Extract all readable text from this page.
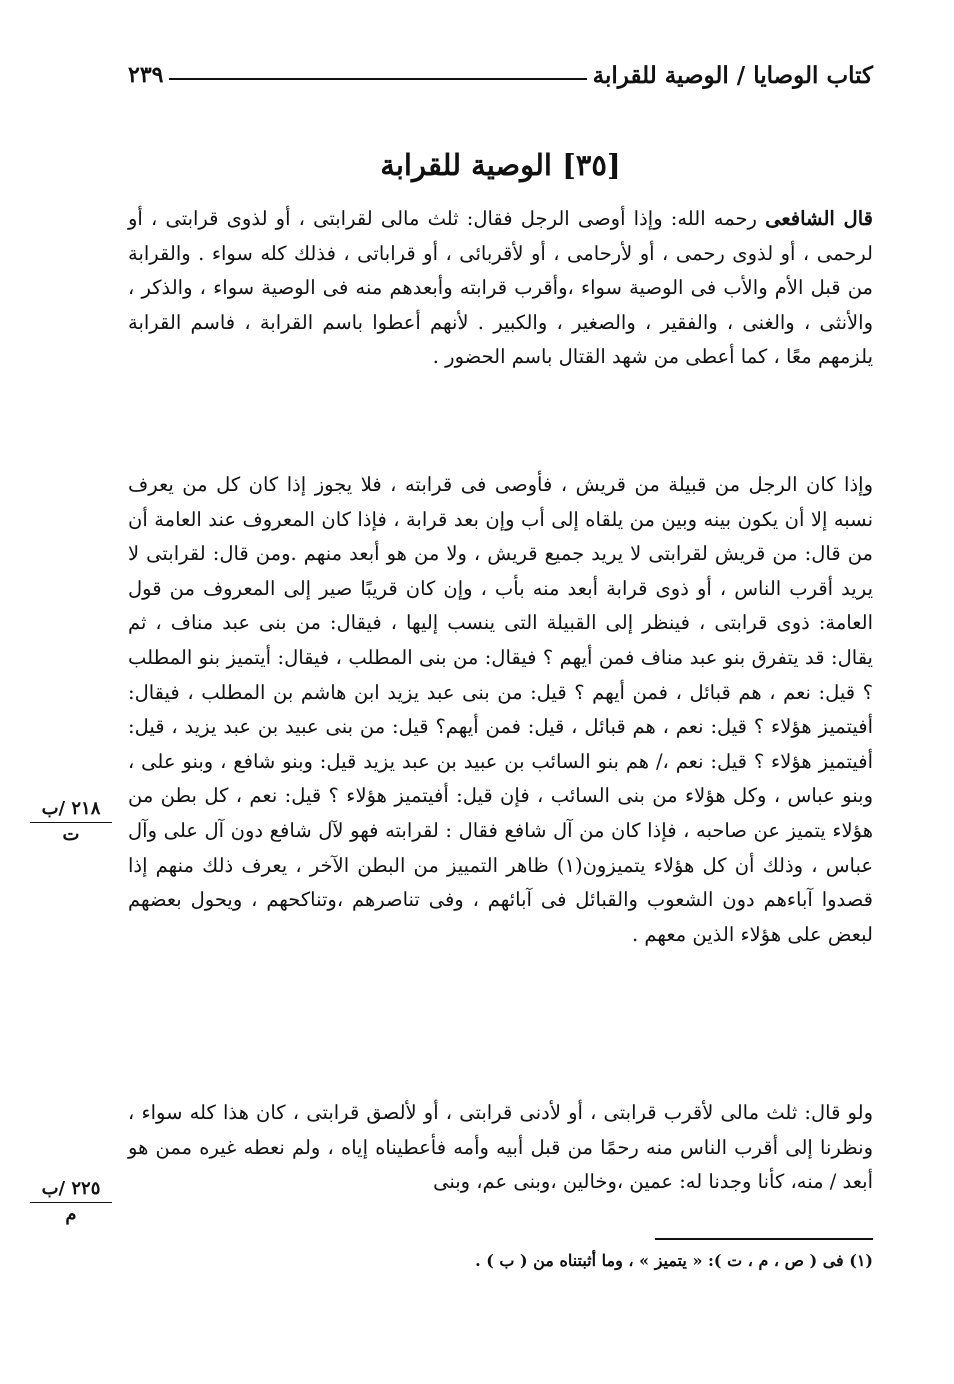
كتاب الوصايا / الوصية للقرابة
٢٣٩
[٣٥] الوصية للقرابة

قال الشافعى رحمه الله: وإذا أوصى الرجل فقال: ثلث مالى لقرابتى ، أو لذوى قرابتى ، أو لرحمى ، أو لذوى رحمى ، أو لأرحامى ، أو لأقربائى ، أو قراباتى ، فذلك كله سواء . والقرابة من قبل الأم والأب فى الوصية سواء ،وأقرب قرابته وأبعدهم منه فى الوصية سواء ، والذكر ، والأنثى ، والغنى ، والفقير ، والصغير ، والكبير . لأنهم أعطوا باسم القرابة ، فاسم القرابة يلزمهم معًا ، كما أعطى من شهد القتال باسم الحضور .

وإذا كان الرجل من قبيلة من قريش ، فأوصى فى قرابته ، فلا يجوز إذا كان كل من يعرف نسبه إلا أن يكون بينه وبين من يلقاه إلى أب وإن بعد قرابة ، فإذا كان المعروف عند العامة أن من قال: من قريش لقرابتى لا يريد جميع قريش ، ولا من هو أبعد منهم .ومن قال: لقرابتى لا يريد أقرب الناس ، أو ذوى قرابة أبعد منه بأب ، وإن كان قريبًا صير إلى المعروف من قول العامة: ذوى قرابتى ، فينظر إلى القبيلة التى ينسب إليها ، فيقال: من بنى عبد مناف ، ثم يقال: قد يتفرق بنو عبد مناف فمن أيهم ؟ فيقال: من بنى المطلب ، فيقال: أيتميز بنو المطلب ؟ قيل: نعم ، هم قبائل ، فمن أيهم ؟ قيل: من بنى عبد يزيد ابن هاشم بن المطلب ، فيقال: أفيتميز هؤلاء ؟ قيل: نعم ، هم قبائل ، قيل: فمن أيهم؟ قيل: من بنى عبيد بن عبد يزيد ، قيل: أفيتميز هؤلاء ؟ قيل: نعم ،/ هم بنو السائب بن عبيد بن عبد يزيد قيل: وبنو شافع ، وبنو على ، وبنو عباس ، وكل هؤلاء من بنى السائب ، فإن قيل: أفيتميز هؤلاء ؟ قيل: نعم ، كل بطن من هؤلاء يتميز عن صاحبه ، فإذا كان من آل شافع فقال : لقرابته فهو لآل شافع دون آل على وآل عباس ، وذلك أن كل هؤلاء يتميزون(١) ظاهر التمييز من البطن الآخر ، يعرف ذلك منهم إذا قصدوا آباءهم دون الشعوب والقبائل فى آبائهم ، وفى تناصرهم ،وتناكحهم ، ويحول بعضهم لبعض على هؤلاء الذين معهم .

ولو قال: ثلث مالى لأقرب قرابتى ، أو لأدنى قرابتى ، أو لألصق قرابتى ، كان هذا كله سواء ، ونظرنا إلى أقرب الناس منه رحمًا من قبل أبيه وأمه فأعطيناه إياه ، ولم نعطه غيره ممن هو أبعد / منه، كأنا وجدنا له: عمين ،وخالين ،وبنى عم، وبنى

٢١٨ /ب
ت
٢٢٥ /ب
م
(١) فى ( ص ، م ، ت ): « يتميز » ، وما أثبتناه من ( ب ) .
